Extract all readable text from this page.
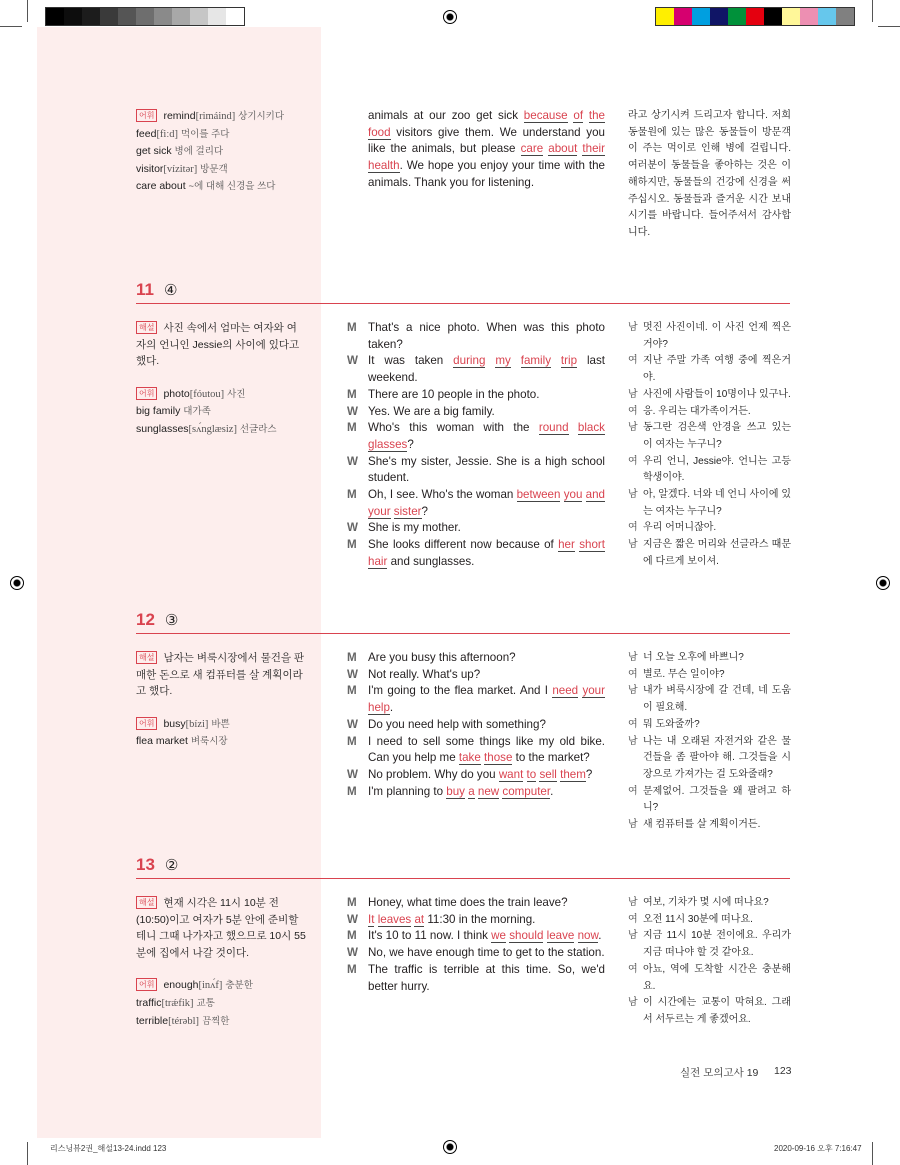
어휘 remind[rimáind] 상기시키다
feed[fiːd] 먹이를 주다
get sick 병에 걸리다
visitor[vízitər] 방문객
care about ~에 대해 신경을 쓰다
animals at our zoo get sick because of the food visitors give them. We understand you like the animals, but please care about their health. We hope you enjoy your time with the animals. Thank you for listening.
라고 상기시켜 드리고자 합니다. 저희 동물원에 있는 많은 동물들이 방문객이 주는 먹이로 인해 병에 걸립니다. 여러분이 동물들을 좋아하는 것은 이해하지만, 동물들의 건강에 신경을 써 주십시오. 동물들과 즐거운 시간 보내시기를 바랍니다. 들어주셔서 감사합니다.
11 ④
해설 사진 속에서 엄마는 여자와 여자의 언니인 Jessie의 사이에 있다고 했다.
어휘 photo[fóutou] 사진
big family 대가족
sunglasses[sʌ́nglæsiz] 선글라스
M That's a nice photo. When was this photo taken?
W It was taken during my family trip last weekend.
M There are 10 people in the photo.
W Yes. We are a big family.
M Who's this woman with the round black glasses?
W She's my sister, Jessie. She is a high school student.
M Oh, I see. Who's the woman between you and your sister?
W She is my mother.
M She looks different now because of her short hair and sunglasses.
남 멋진 사진이네. 이 사진 언제 찍은 거야?
여 지난 주말 가족 여행 중에 찍은거야.
남 사진에 사람들이 10명이나 있구나.
여 응. 우리는 대가족이거든.
남 동그란 검은색 안경을 쓰고 있는 이 여자는 누구니?
여 우리 언니, Jessie야. 언니는 고등학생이야.
남 아, 알겠다. 너와 네 언니 사이에 있는 여자는 누구니?
여 우리 어머니잖아.
남 지금은 짧은 머리와 선글라스 때문에 다르게 보이셔.
12 ③
해설 남자는 벼룩시장에서 물건을 판매한 돈으로 새 컴퓨터를 살 계획이라고 했다.
어휘 busy[bízi] 바쁜
flea market 벼룩시장
M Are you busy this afternoon?
W Not really. What's up?
M I'm going to the flea market. And I need your help.
W Do you need help with something?
M I need to sell some things like my old bike. Can you help me take those to the market?
W No problem. Why do you want to sell them?
M I'm planning to buy a new computer.
남 너 오늘 오후에 바쁘니?
여 별로. 무슨 일이야?
남 내가 벼룩시장에 갈 건데, 네 도움이 필요해.
여 뭐 도와줄까?
남 나는 내 오래된 자전거와 같은 물건들을 좀 팔아야 해. 그것들을 시장으로 가져가는 걸 도와줄래?
여 문제없어. 그것들을 왜 팔려고 하니?
남 새 컴퓨터를 살 계획이거든.
13 ②
해설 현재 시각은 11시 10분 전(10:50)이고 여자가 5분 안에 준비할 테니 그때 나가자고 했으므로 10시 55분에 집에서 나갈 것이다.
어휘 enough[inʌ́f] 충분한
traffic[trǽfik] 교통
terrible[térəbl] 끔찍한
M Honey, what time does the train leave?
W It leaves at 11:30 in the morning.
M It's 10 to 11 now. I think we should leave now.
W No, we have enough time to get to the station.
M The traffic is terrible at this time. So, we'd better hurry.
남 여보, 기차가 몇 시에 떠나요?
여 오전 11시 30분에 떠나요.
남 지금 11시 10분 전이에요. 우리가 지금 떠나야 할 것 같아요.
여 아뇨, 역에 도착할 시간은 충분해요.
남 이 시간에는 교통이 막혀요. 그래서 서두르는 게 좋겠어요.
실전 모의고사 19 123
리스닝뷰2권_해설13-24.indd 123	2020-09-16 오후 7:16:47
